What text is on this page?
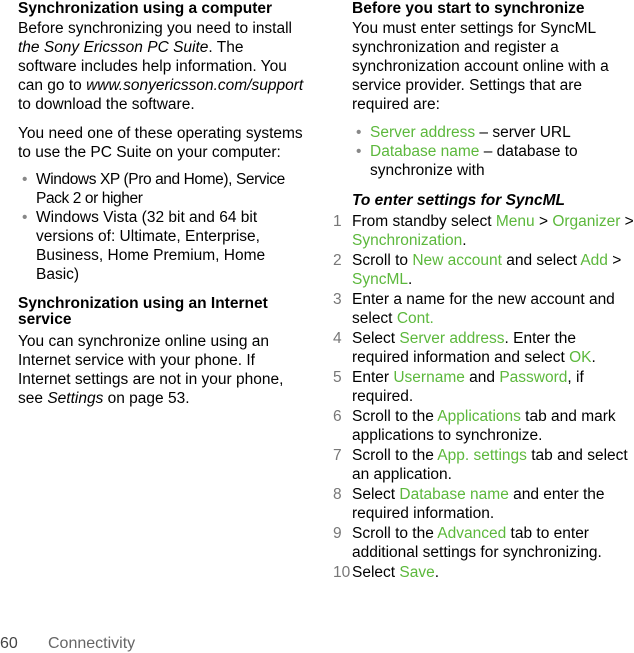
Synchronization using a computer

Before synchronizing you need to install the Sony Ericsson PC Suite. The software includes help information. You can go to www.sonyericsson.com/support to download the software.

You need one of these operating systems to use the PC Suite on your computer:

• Windows XP (Pro and Home), Service Pack 2 or higher
• Windows Vista (32 bit and 64 bit versions of: Ultimate, Enterprise, Business, Home Premium, Home Basic)
Synchronization using an Internet service

You can synchronize online using an Internet service with your phone. If Internet settings are not in your phone, see Settings on page 53.

Before you start to synchronize

You must enter settings for SyncML synchronization and register a synchronization account online with a service provider. Settings that are required are:

• Server address – server URL
• Database name – database to synchronize with
To enter settings for SyncML
1 From standby select Menu > Organizer > Synchronization.
2 Scroll to New account and select Add > SyncML.
3 Enter a name for the new account and select Cont.
4 Select Server address. Enter the required information and select OK.
5 Enter Username and Password, if required.
6 Scroll to the Applications tab and mark applications to synchronize.
7 Scroll to the App. settings tab and select an application.
8 Select Database name and enter the required information.
9 Scroll to the Advanced tab to enter additional settings for synchronizing.
10 Select Save.
60 Connectivity
